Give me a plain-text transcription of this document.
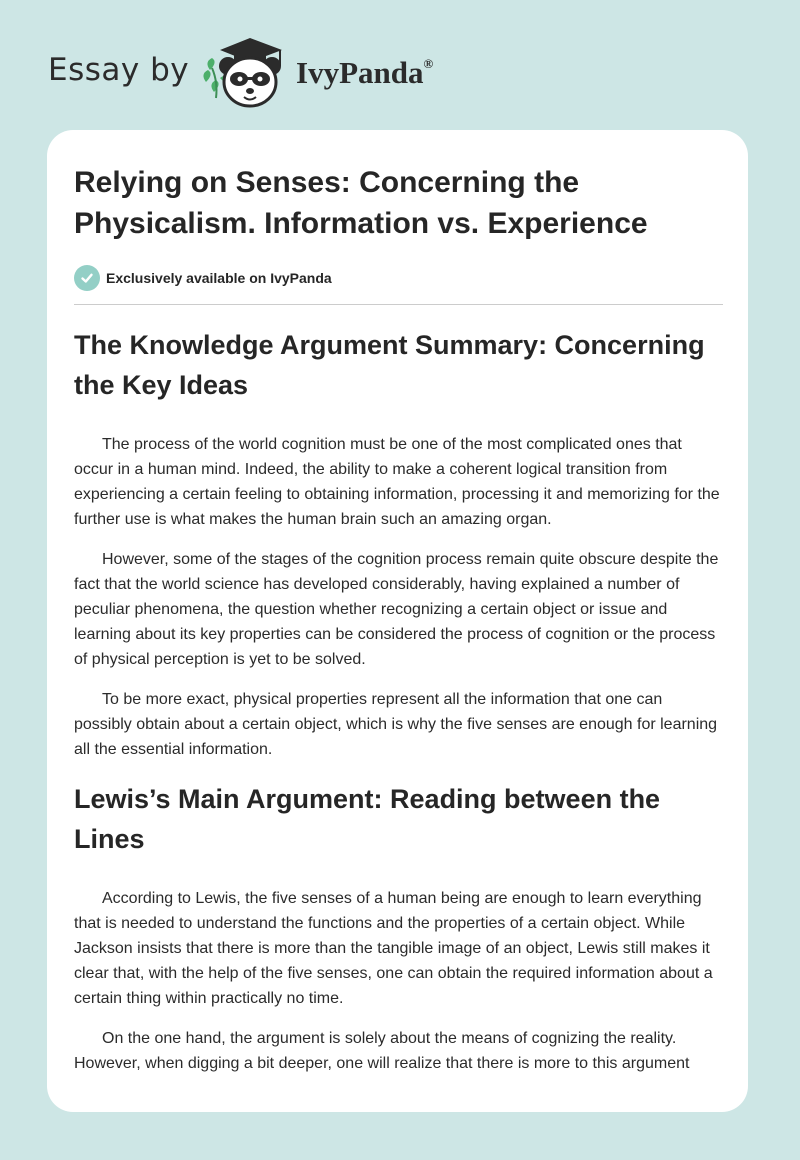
Essay by	IvyPanda®
Relying on Senses: Concerning the Physicalism. Information vs. Experience
Exclusively available on IvyPanda
The Knowledge Argument Summary: Concerning the Key Ideas

The process of the world cognition must be one of the most complicated ones that occur in a human mind. Indeed, the ability to make a coherent logical transition from experiencing a certain feeling to obtaining information, processing it and memorizing for the further use is what makes the human brain such an amazing organ.

However, some of the stages of the cognition process remain quite obscure despite the fact that the world science has developed considerably, having explained a number of peculiar phenomena, the question whether recognizing a certain object or issue and learning about its key properties can be considered the process of cognition or the process of physical perception is yet to be solved.

To be more exact, physical properties represent all the information that one can possibly obtain about a certain object, which is why the five senses are enough for learning all the essential information.

Lewis’s Main Argument: Reading between the Lines

According to Lewis, the five senses of a human being are enough to learn everything that is needed to understand the functions and the properties of a certain object. While Jackson insists that there is more than the tangible image of an object, Lewis still makes it clear that, with the help of the five senses, one can obtain the required information about a certain thing within practically no time.

On the one hand, the argument is solely about the means of cognizing the reality. However, when digging a bit deeper, one will realize that there is more to this argument
